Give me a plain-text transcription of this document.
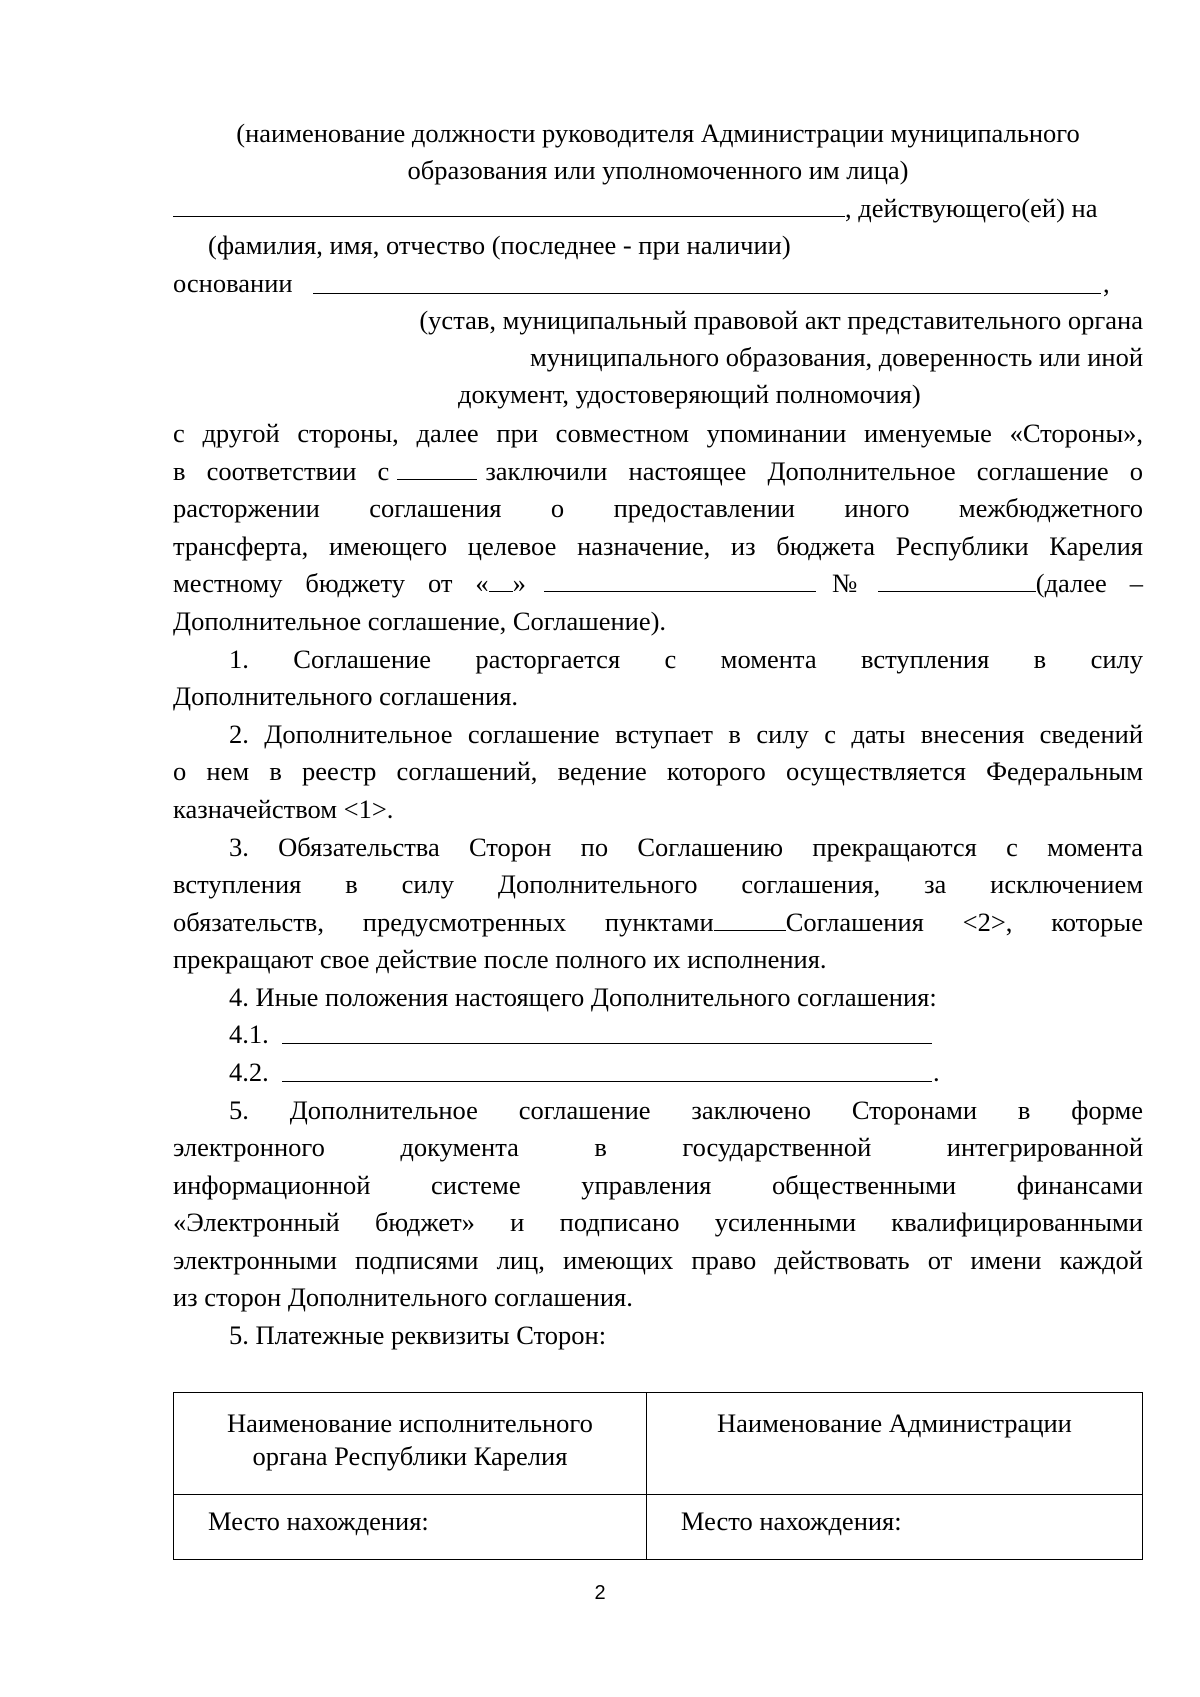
(наименование должности руководителя Администрации муниципального
образования или уполномоченного им лица)
, действующего(ей) на
(фамилия, имя, отчество (последнее - при наличии)
основании	,
(устав, муниципальный правовой акт представительного органа
муниципального образования, доверенность или иной
документ, удостоверяющий полномочия)
с другой стороны, далее при совместном упоминании именуемые «Стороны»,
в соответствии с	заключили настоящее Дополнительное соглашение о
расторжении соглашения о предоставлении иного межбюджетного
трансферта, имеющего целевое назначение, из бюджета Республики Карелия
местному бюджету от « »	№	(далее –
Дополнительное соглашение, Соглашение).
1. Соглашение расторгается с момента вступления в силу
Дополнительного соглашения.
2. Дополнительное соглашение вступает в силу с даты внесения сведений
о нем в реестр соглашений, ведение которого осуществляется Федеральным
казначейством <1>.
3. Обязательства Сторон по Соглашению прекращаются с момента
вступления в силу Дополнительного соглашения, за исключением
обязательств, предусмотренных пунктами	Соглашения <2>, которые
прекращают свое действие после полного их исполнения.
4. Иные положения настоящего Дополнительного соглашения:
4.1.
4.2.	.
5. Дополнительное соглашение заключено Сторонами в форме
электронного документа в государственной интегрированной
информационной системе управления общественными финансами
«Электронный бюджет» и подписано усиленными квалифицированными
электронными подписями лиц, имеющих право действовать от имени каждой
из сторон Дополнительного соглашения.
5. Платежные реквизиты Сторон:
Наименование исполнительного
органа Республики Карелия	Наименование Администрации

Место нахождения:	Место нахождения:
2
